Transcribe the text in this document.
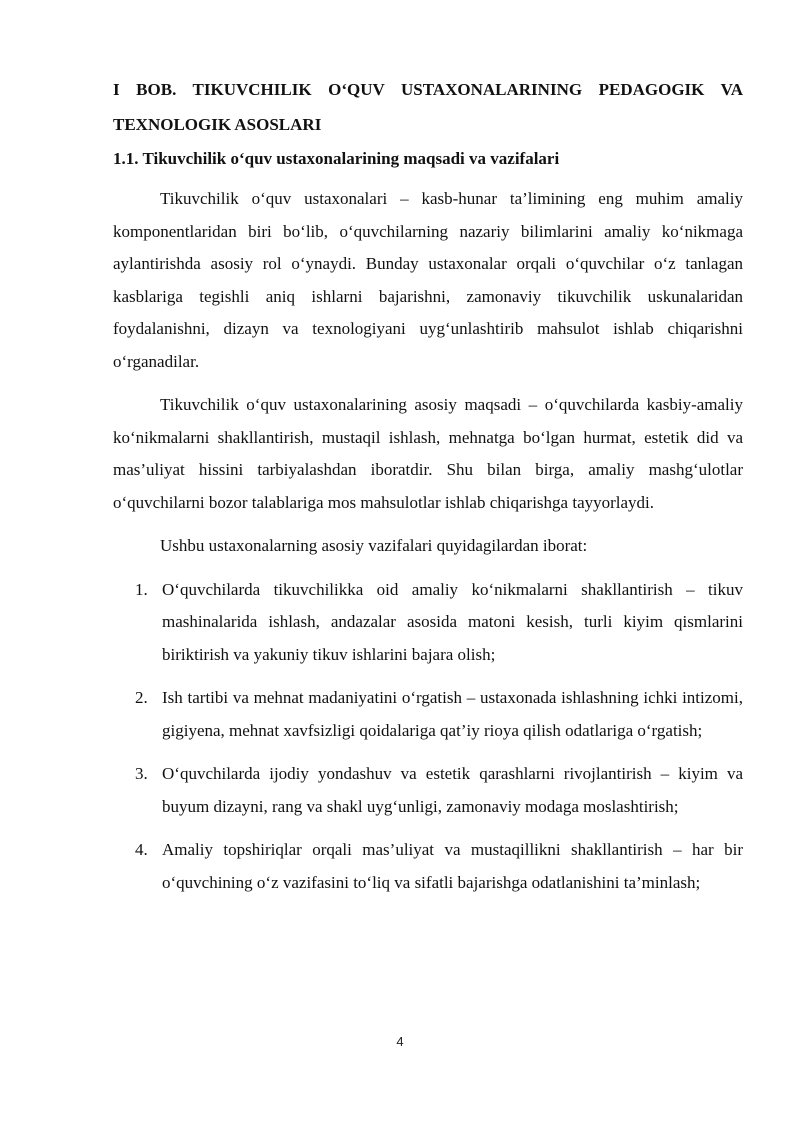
I BOB. TIKUVCHILIK O‘QUV USTAXONALARINING PEDAGOGIK VA TEXNOLOGIK ASOSLARI
1.1. Tikuvchilik o‘quv ustaxonalarining maqsadi va vazifalari

Tikuvchilik o‘quv ustaxonalari – kasb-hunar ta’limining eng muhim amaliy komponentlaridan biri bo‘lib, o‘quvchilarning nazariy bilimlarini amaliy ko‘nikmaga aylantirishda asosiy rol o‘ynaydi. Bunday ustaxonalar orqali o‘quvchilar o‘z tanlagan kasblariga tegishli aniq ishlarni bajarishni, zamonaviy tikuvchilik uskunalaridan foydalanishni, dizayn va texnologiyani uyg‘unlashtirib mahsulot ishlab chiqarishni o‘rganadilar.

Tikuvchilik o‘quv ustaxonalarining asosiy maqsadi – o‘quvchilarda kasbiy-amaliy ko‘nikmalarni shakllantirish, mustaqil ishlash, mehnatga bo‘lgan hurmat, estetik did va mas’uliyat hissini tarbiyalashdan iboratdir. Shu bilan birga, amaliy mashg‘ulotlar o‘quvchilarni bozor talablariga mos mahsulotlar ishlab chiqarishga tayyorlaydi.

Ushbu ustaxonalarning asosiy vazifalari quyidagilardan iborat:

1. O‘quvchilarda tikuvchilikka oid amaliy ko‘nikmalarni shakllantirish – tikuv mashinalarida ishlash, andazalar asosida matoni kesish, turli kiyim qismlarini biriktirish va yakuniy tikuv ishlarini bajara olish;
2. Ish tartibi va mehnat madaniyatini o‘rgatish – ustaxonada ishlashning ichki intizomi, gigiyena, mehnat xavfsizligi qoidalariga qat’iy rioya qilish odatlariga o‘rgatish;
3. O‘quvchilarda ijodiy yondashuv va estetik qarashlarni rivojlantirish – kiyim va buyum dizayni, rang va shakl uyg‘unligi, zamonaviy modaga moslashtirish;
4. Amaliy topshiriqlar orqali mas’uliyat va mustaqillikni shakllantirish – har bir o‘quvchining o‘z vazifasini to‘liq va sifatli bajarishga odatlanishini ta’minlash;
4
